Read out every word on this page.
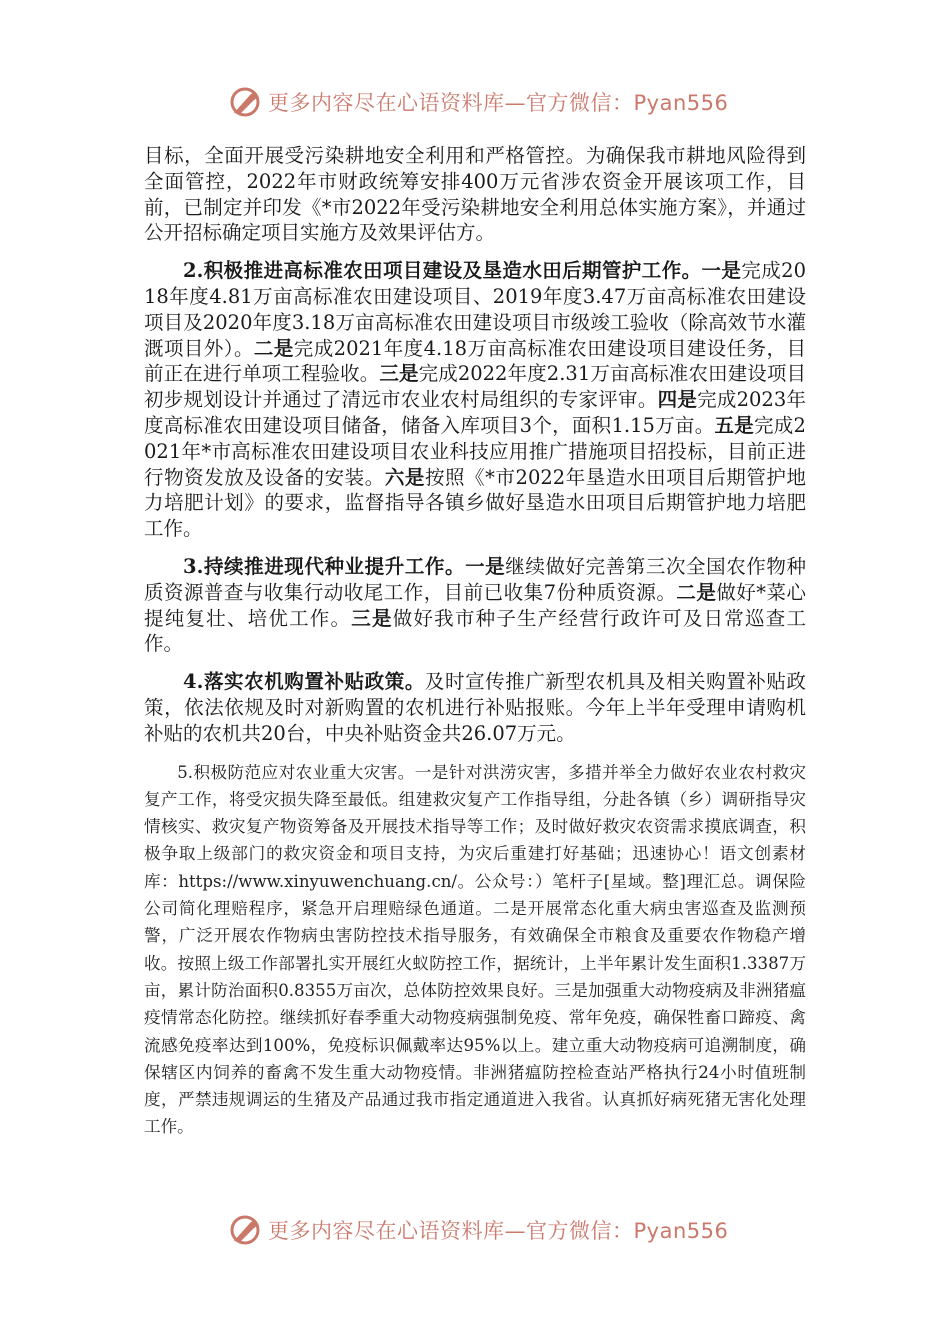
更多内容尽在心语资料库—官方微信：Pyan556

目标，全面开展受污染耕地安全利用和严格管控。为确保我市耕地风险得到全面管控，2022年市财政统筹安排400万元省涉农资金开展该项工作，目前，已制定并印发《*市2022年受污染耕地安全利用总体实施方案》，并通过公开招标确定项目实施方及效果评估方。

2.积极推进高标准农田项目建设及垦造水田后期管护工作。一是完成2018年度4.81万亩高标准农田建设项目、2019年度3.47万亩高标准农田建设项目及2020年度3.18万亩高标准农田建设项目市级竣工验收（除高效节水灌溉项目外）。二是完成2021年度4.18万亩高标准农田建设项目建设任务，目前正在进行单项工程验收。三是完成2022年度2.31万亩高标准农田建设项目初步规划设计并通过了清远市农业农村局组织的专家评审。四是完成2023年度高标准农田建设项目储备，储备入库项目3个，面积1.15万亩。五是完成2021年*市高标准农田建设项目农业科技应用推广措施项目招投标，目前正进行物资发放及设备的安装。六是按照《*市2022年垦造水田项目后期管护地力培肥计划》的要求，监督指导各镇乡做好垦造水田项目后期管护地力培肥工作。

3.持续推进现代种业提升工作。一是继续做好完善第三次全国农作物种质资源普查与收集行动收尾工作，目前已收集7份种质资源。二是做好*菜心提纯复壮、培优工作。三是做好我市种子生产经营行政许可及日常巡查工作。

4.落实农机购置补贴政策。及时宣传推广新型农机具及相关购置补贴政策，依法依规及时对新购置的农机进行补贴报账。今年上半年受理申请购机补贴的农机共20台，中央补贴资金共26.07万元。

5.积极防范应对农业重大灾害。一是针对洪涝灾害，多措并举全力做好农业农村救灾复产工作，将受灾损失降至最低。组建救灾复产工作指导组，分赴各镇（乡）调研指导灾情核实、救灾复产物资筹备及开展技术指导等工作；及时做好救灾农资需求摸底调查，积极争取上级部门的救灾资金和项目支持，为灾后重建打好基础；迅速协心！语文创素材库：https://www.xinyuwenchuang.cn/。公众号：）笔杆子[星域。整]理汇总。调保险公司简化理赔程序，紧急开启理赔绿色通道。二是开展常态化重大病虫害巡查及监测预警，广泛开展农作物病虫害防控技术指导服务，有效确保全市粮食及重要农作物稳产增收。按照上级工作部署扎实开展红火蚁防控工作，据统计，上半年累计发生面积1.3387万亩，累计防治面积0.8355万亩次，总体防控效果良好。三是加强重大动物疫病及非洲猪瘟疫情常态化防控。继续抓好春季重大动物疫病强制免疫、常年免疫，确保牲畜口蹄疫、禽流感免疫率达到100%，免疫标识佩戴率达95%以上。建立重大动物疫病可追溯制度，确保辖区内饲养的畜禽不发生重大动物疫情。非洲猪瘟防控检查站严格执行24小时值班制度，严禁违规调运的生猪及产品通过我市指定通道进入我省。认真抓好病死猪无害化处理工作。

更多内容尽在心语资料库—官方微信：Pyan556
